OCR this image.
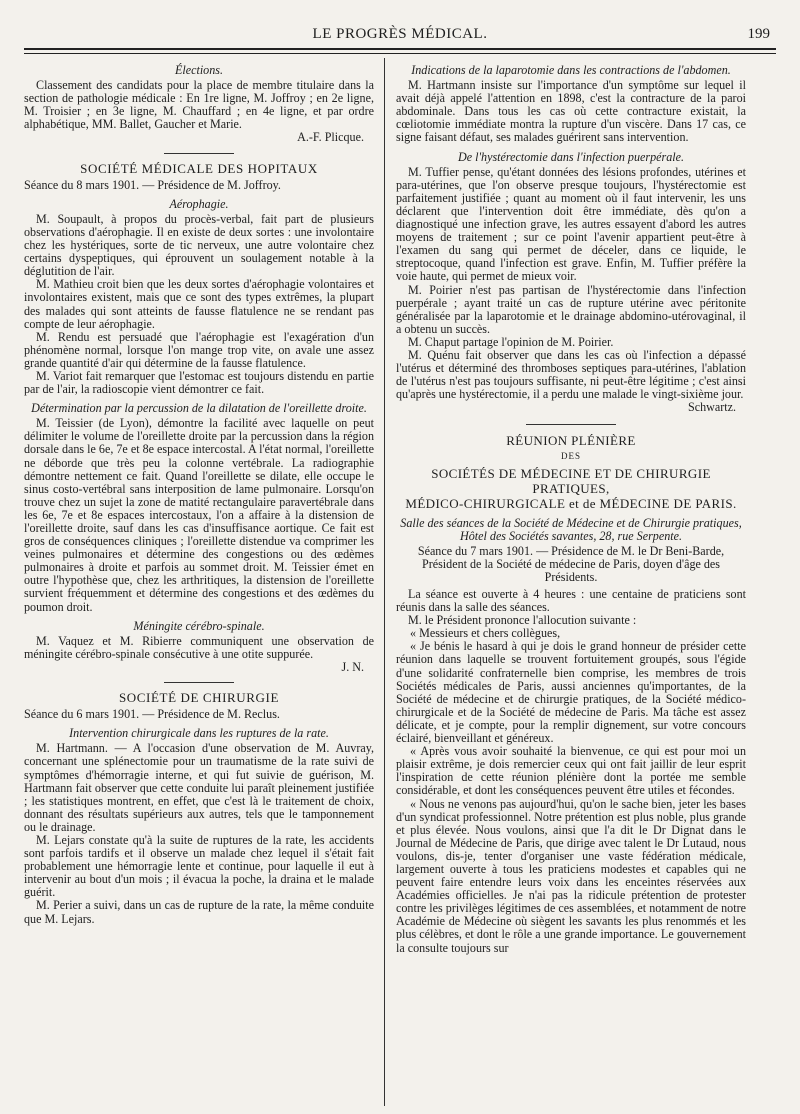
LE PROGRÈS MÉDICAL.	199
Élections.

Classement des candidats pour la place de membre titulaire dans la section de pathologie médicale : En 1re ligne, M. Joffroy ; en 2e ligne, M. Troisier ; en 3e ligne, M. Chauffard ; en 4e ligne, et par ordre alphabétique, MM. Ballet, Gaucher et Marie.

A.-F. Plicque.
SOCIÉTÉ MÉDICALE DES HOPITAUX
Séance du 8 mars 1901. — Présidence de M. Joffroy.
Aérophagie.

M. Soupault, à propos du procès-verbal, fait part de plusieurs observations d'aérophagie. Il en existe de deux sortes : une involontaire chez les hystériques, sorte de tic nerveux, une autre volontaire chez certains dyspeptiques, qui éprouvent un soulagement notable à la déglutition de l'air.

M. Mathieu croit bien que les deux sortes d'aérophagie volontaires et involontaires existent, mais que ce sont des types extrêmes, la plupart des malades qui sont atteints de fausse flatulence ne se rendant pas compte de leur aérophagie.

M. Rendu est persuadé que l'aérophagie est l'exagération d'un phénomène normal, lorsque l'on mange trop vite, on avale une assez grande quantité d'air qui détermine de la fausse flatulence.

M. Variot fait remarquer que l'estomac est toujours distendu en partie par de l'air, la radioscopie vient démontrer ce fait.

Détermination par la percussion de la dilatation de l'oreillette droite.

M. Teissier (de Lyon), démontre la facilité avec laquelle on peut délimiter le volume de l'oreillette droite par la percussion dans la région dorsale dans le 6e, 7e et 8e espace intercostal. A l'état normal, l'oreillette ne déborde que très peu la colonne vertébrale. La radiographie démontre nettement ce fait. Quand l'oreillette se dilate, elle occupe le sinus costo-vertébral sans interposition de lame pulmonaire. Lorsqu'on trouve chez un sujet la zone de matité rectangulaire paravertébrale dans les 6e, 7e et 8e espaces intercostaux, l'on a affaire à la distension de l'oreillette droite, sauf dans les cas d'insuffisance aortique. Ce fait est gros de conséquences cliniques ; l'oreillette distendue va comprimer les veines pulmonaires et détermine des congestions ou des œdèmes pulmonaires à droite et parfois au sommet droit. M. Teissier émet en outre l'hypothèse que, chez les arthritiques, la distension de l'oreillette survient fréquemment et détermine des congestions et des œdèmes du poumon droit.

Méningite cérébro-spinale.

M. Vaquez et M. Ribierre communiquent une observation de méningite cérébro-spinale consécutive à une otite suppurée.

J. N.
SOCIÉTÉ DE CHIRURGIE
Séance du 6 mars 1901. — Présidence de M. Reclus.
Intervention chirurgicale dans les ruptures de la rate.

M. Hartmann. — A l'occasion d'une observation de M. Auvray, concernant une splénectomie pour un traumatisme de la rate suivi de symptômes d'hémorragie interne, et qui fut suivie de guérison, M. Hartmann fait observer que cette conduite lui paraît pleinement justifiée ; les statistiques montrent, en effet, que c'est là le traitement de choix, donnant des résultats supérieurs aux autres, tels que le tamponnement ou le drainage.

M. Lejars constate qu'à la suite de ruptures de la rate, les accidents sont parfois tardifs et il observe un malade chez lequel il s'était fait probablement une hémorragie lente et continue, pour laquelle il eut à intervenir au bout d'un mois ; il évacua la poche, la draina et le malade guérit.

M. Perier a suivi, dans un cas de rupture de la rate, la même conduite que M. Lejars.

Indications de la laparotomie dans les contractions de l'abdomen.

M. Hartmann insiste sur l'importance d'un symptôme sur lequel il avait déjà appelé l'attention en 1898, c'est la contracture de la paroi abdominale. Dans tous les cas où cette contracture existait, la cœliotomie immédiate montra la rupture d'un viscère. Dans 17 cas, ce signe faisant défaut, ses malades guérirent sans intervention.

De l'hystérectomie dans l'infection puerpérale.

M. Tuffier pense, qu'étant données des lésions profondes, utérines et para-utérines, que l'on observe presque toujours, l'hystérectomie est parfaitement justifiée ; quant au moment où il faut intervenir, les uns déclarent que l'intervention doit être immédiate, dès qu'on a diagnostiqué une infection grave, les autres essayent d'abord les autres moyens de traitement ; sur ce point l'avenir appartient peut-être à l'examen du sang qui permet de déceler, dans ce liquide, le streptocoque, quand l'infection est grave. Enfin, M. Tuffier préfère la voie haute, qui permet de mieux voir.

M. Poirier n'est pas partisan de l'hystérectomie dans l'infection puerpérale ; ayant traité un cas de rupture utérine avec péritonite généralisée par la laparotomie et le drainage abdomino-utérovaginal, il a obtenu un succès.

M. Chaput partage l'opinion de M. Poirier.

M. Quénu fait observer que dans les cas où l'infection a dépassé l'utérus et déterminé des thromboses septiques para-utérines, l'ablation de l'utérus n'est pas toujours suffisante, ni peut-être légitime ; c'est ainsi qu'après une hystérectomie, il a perdu une malade le vingt-sixième jour.

Schwartz.
RÉUNION PLÉNIÈRE
DES
SOCIÉTÉS DE MÉDECINE ET DE CHIRURGIE PRATIQUES,
MÉDICO-CHIRURGICALE et de MÉDECINE DE PARIS.
Salle des séances de la Société de Médecine et de Chirurgie pratiques, Hôtel des Sociétés savantes, 28, rue Serpente.
Séance du 7 mars 1901. — Présidence de M. le Dr Beni-Barde, Président de la Société de médecine de Paris, doyen d'âge des Présidents.

La séance est ouverte à 4 heures : une centaine de praticiens sont réunis dans la salle des séances.

M. le Président prononce l'allocution suivante :

« Messieurs et chers collègues,

« Je bénis le hasard à qui je dois le grand honneur de présider cette réunion dans laquelle se trouvent fortuitement groupés, sous l'égide d'une solidarité confraternelle bien comprise, les membres de trois Sociétés médicales de Paris, aussi anciennes qu'importantes, de la Société de médecine et de chirurgie pratiques, de la Société médico-chirurgicale et de la Société de médecine de Paris. Ma tâche est assez délicate, et je compte, pour la remplir dignement, sur votre concours éclairé, bienveillant et généreux.

« Après vous avoir souhaité la bienvenue, ce qui est pour moi un plaisir extrême, je dois remercier ceux qui ont fait jaillir de leur esprit l'inspiration de cette réunion plénière dont la portée me semble considérable, et dont les conséquences peuvent être utiles et fécondes.

« Nous ne venons pas aujourd'hui, qu'on le sache bien, jeter les bases d'un syndicat professionnel. Notre prétention est plus noble, plus grande et plus élevée. Nous voulons, ainsi que l'a dit le Dr Dignat dans le Journal de Médecine de Paris, que dirige avec talent le Dr Lutaud, nous voulons, dis-je, tenter d'organiser une vaste fédération médicale, largement ouverte à tous les praticiens modestes et capables qui ne peuvent faire entendre leurs voix dans les enceintes réservées aux Académies officielles. Je n'ai pas la ridicule prétention de protester contre les privilèges légitimes de ces assemblées, et notamment de notre Académie de Médecine où siègent les savants les plus renommés et les plus célèbres, et dont le rôle a une grande importance. Le gouvernement la consulte toujours sur
